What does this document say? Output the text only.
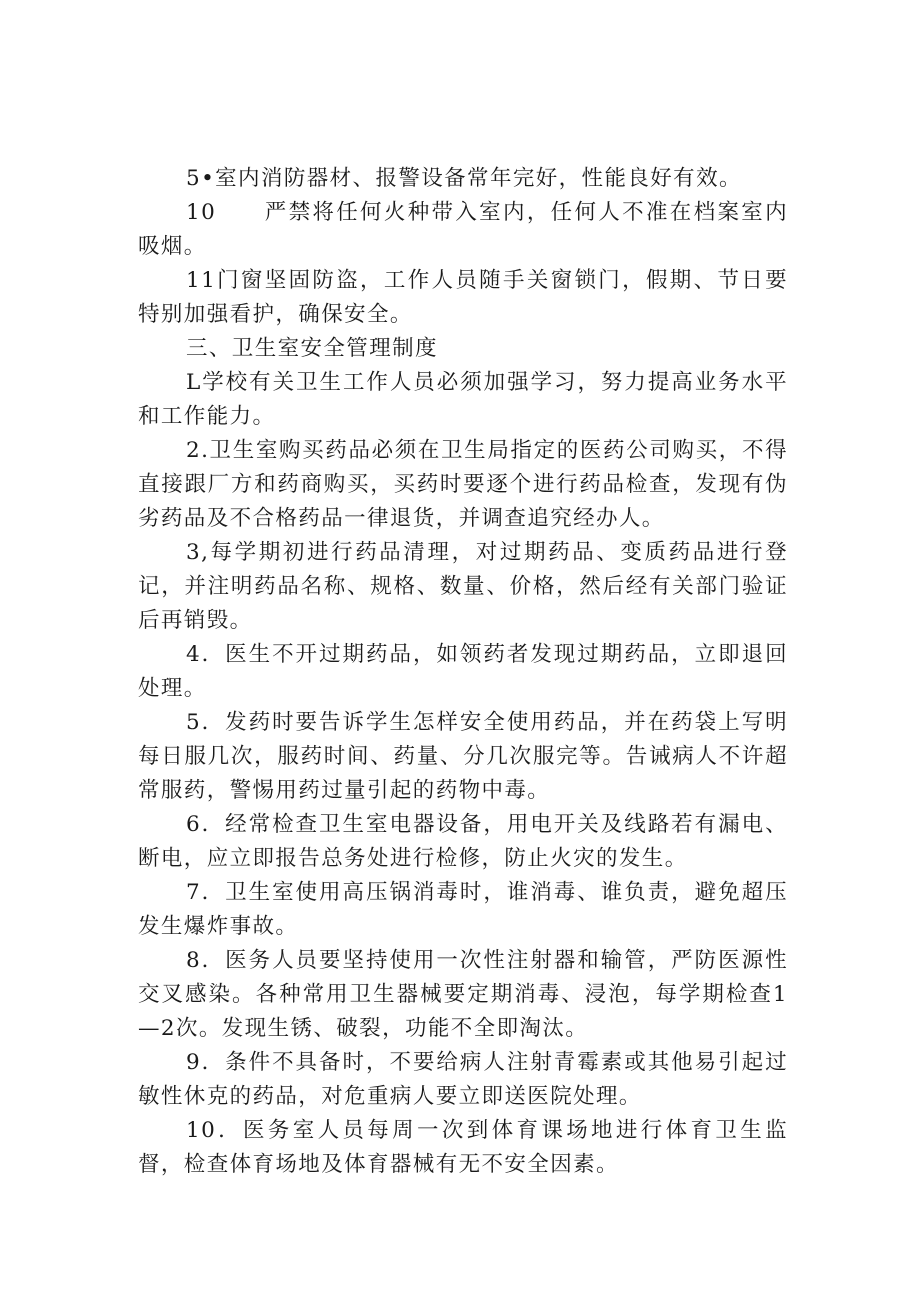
5•室内消防器材、报警设备常年完好，性能良好有效。

10　　严禁将任何火种带入室内，任何人不准在档案室内吸烟。

11门窗坚固防盗，工作人员随手关窗锁门，假期、节日要特别加强看护，确保安全。

三、卫生室安全管理制度

L学校有关卫生工作人员必须加强学习，努力提高业务水平和工作能力。

2.卫生室购买药品必须在卫生局指定的医药公司购买，不得直接跟厂方和药商购买，买药时要逐个进行药品检查，发现有伪劣药品及不合格药品一律退货，并调查追究经办人。

3,每学期初进行药品清理，对过期药品、变质药品进行登记，并注明药品名称、规格、数量、价格，然后经有关部门验证后再销毁。

4．医生不开过期药品，如领药者发现过期药品，立即退回处理。

5．发药时要告诉学生怎样安全使用药品，并在药袋上写明每日服几次，服药时间、药量、分几次服完等。告诫病人不许超常服药，警惕用药过量引起的药物中毒。

6．经常检查卫生室电器设备，用电开关及线路若有漏电、断电，应立即报告总务处进行检修，防止火灾的发生。

7．卫生室使用高压锅消毒时，谁消毒、谁负责，避免超压发生爆炸事故。

8．医务人员要坚持使用一次性注射器和输管，严防医源性交叉感染。各种常用卫生器械要定期消毒、浸泡，每学期检查1—2次。发现生锈、破裂，功能不全即淘汰。

9．条件不具备时，不要给病人注射青霉素或其他易引起过敏性休克的药品，对危重病人要立即送医院处理。

10．医务室人员每周一次到体育课场地进行体育卫生监督，检查体育场地及体育器械有无不安全因素。
